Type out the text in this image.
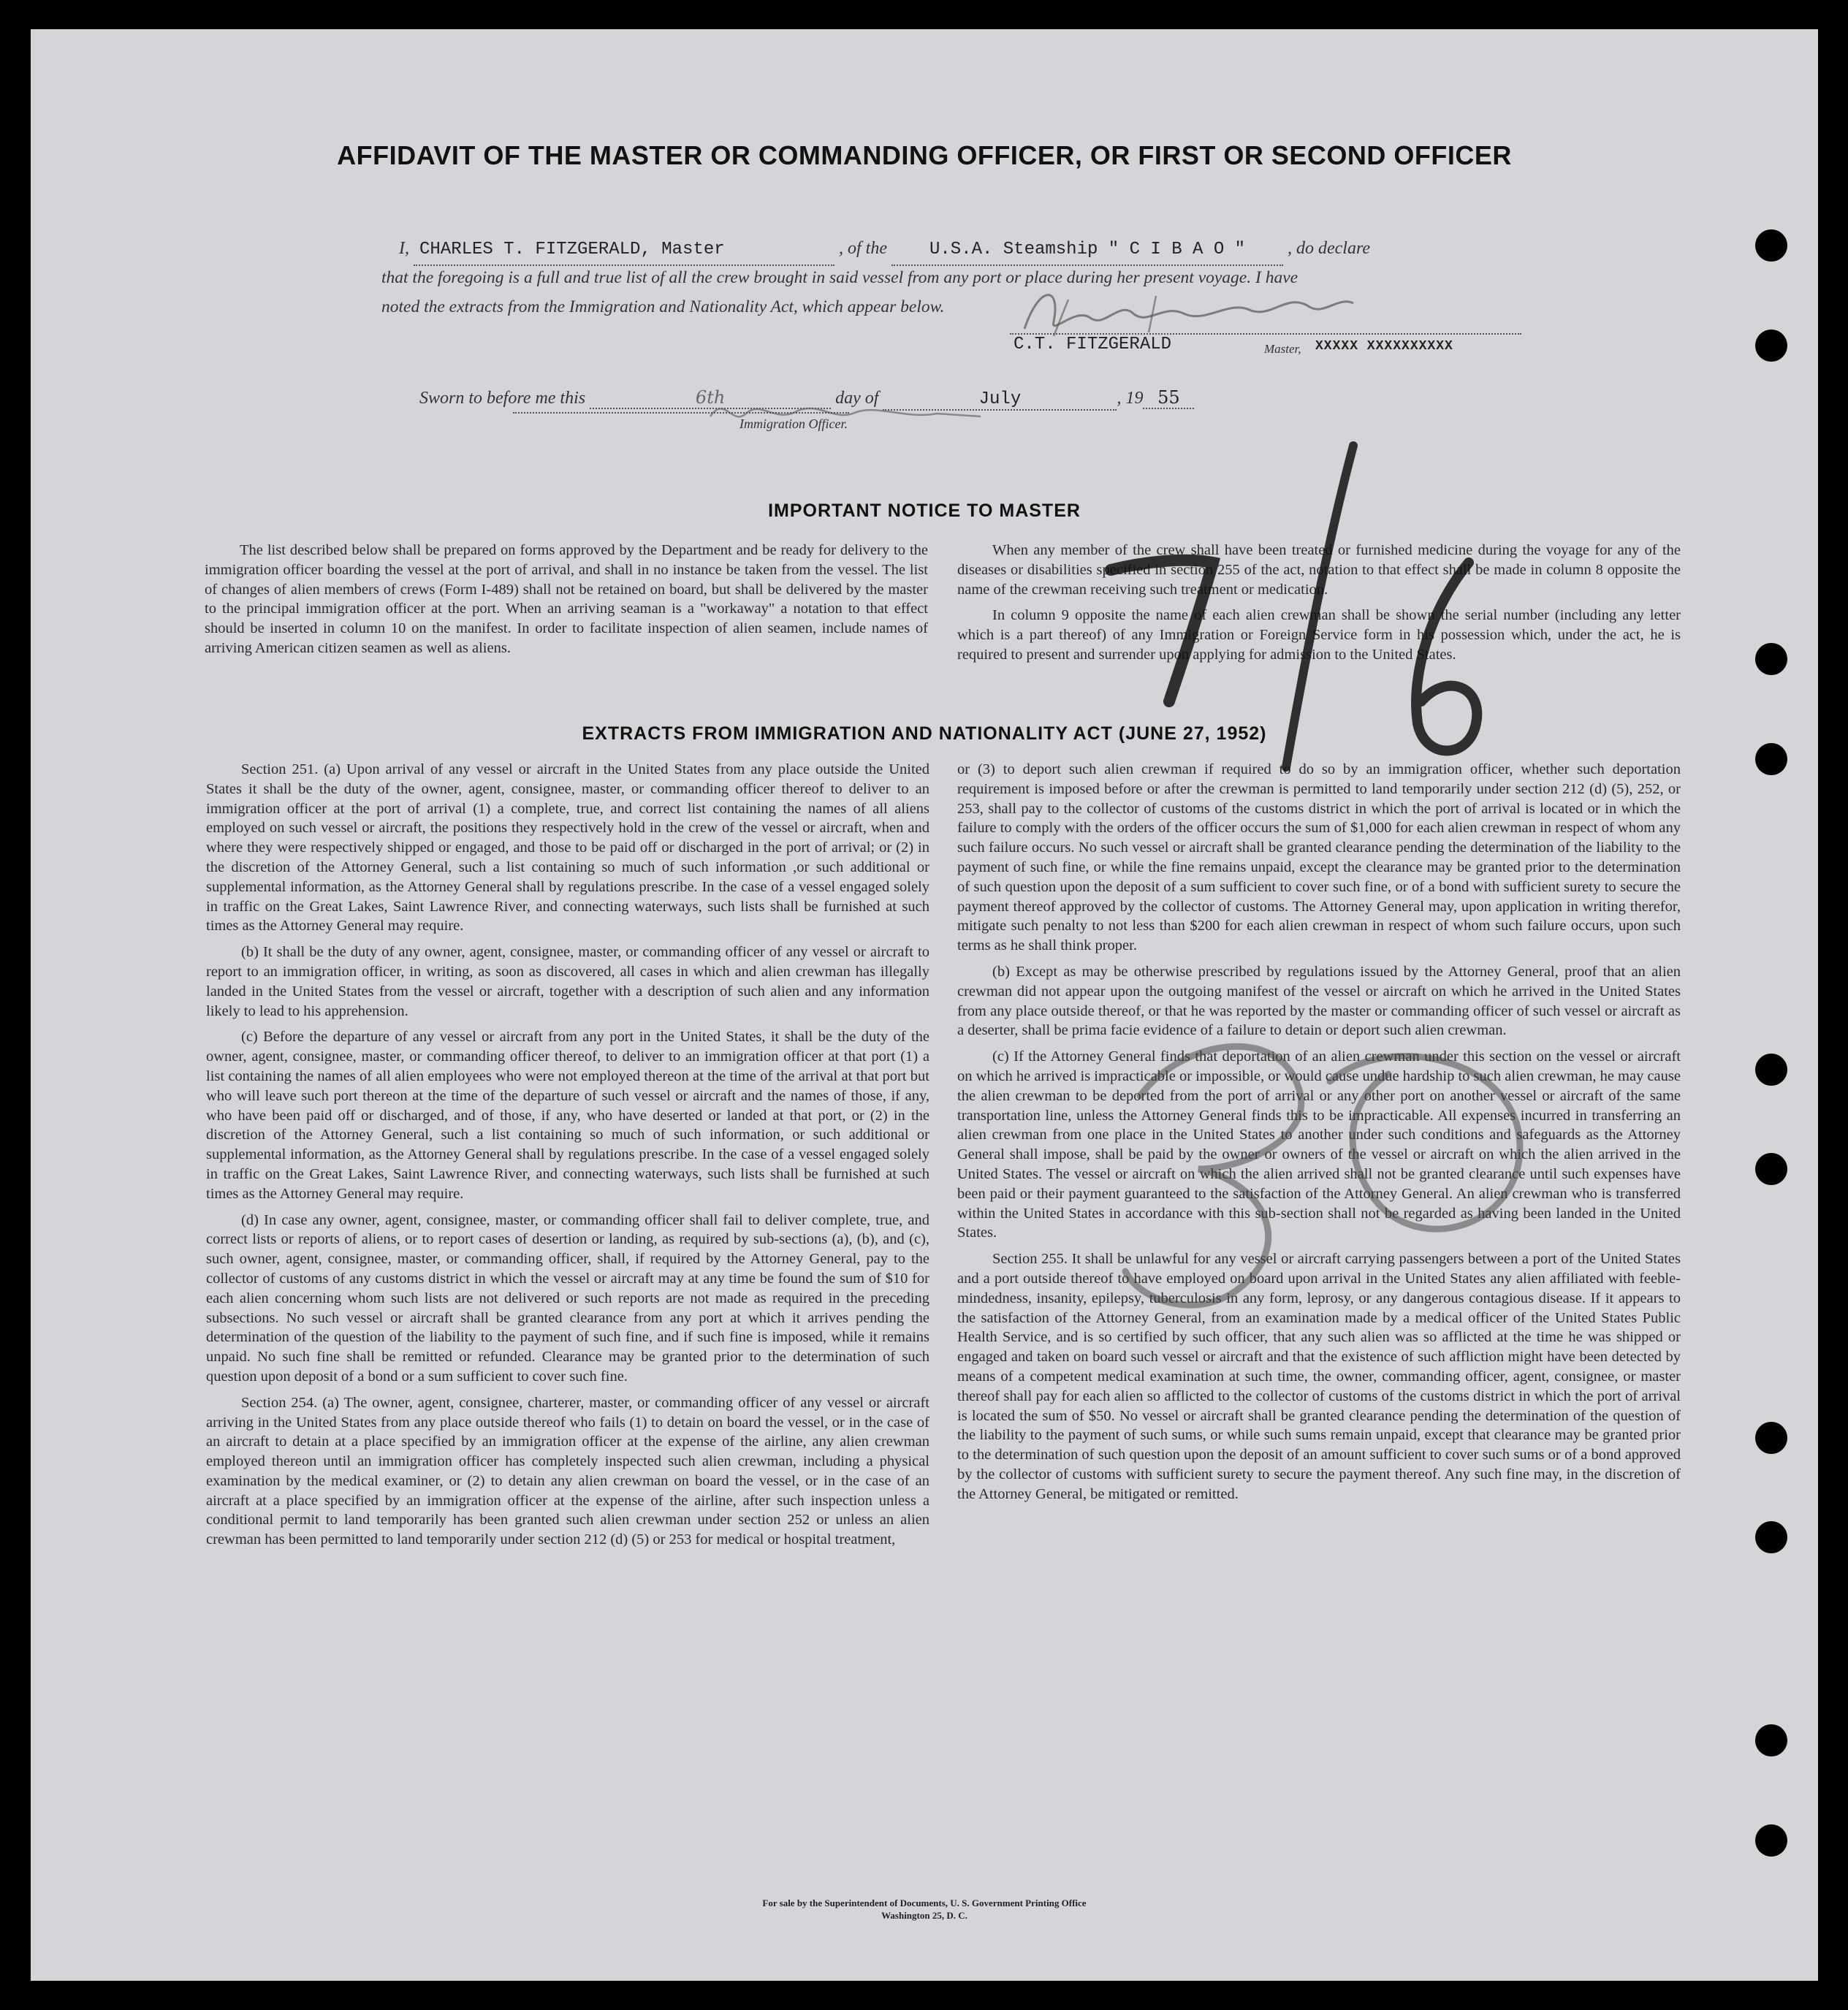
AFFIDAVIT OF THE MASTER OR COMMANDING OFFICER, OR FIRST OR SECOND OFFICER
I, CHARLES T. FITZGERALD, Master	, of the U.S.A. Steamship " C I B A O " , do declare
that the foregoing is a full and true list of all the crew brought in said vessel from any port or place during her present voyage. I have
noted the extracts from the Immigration and Nationality Act, which appear below.
C.T. FITZGERALD	Master, XXXXX XXXXXXXXXX
Sworn to before me this	6th	day of	July	, 19 55
Immigration Officer.
IMPORTANT NOTICE TO MASTER

The list described below shall be prepared on forms approved by the Department and be ready for delivery to the immigration officer boarding the vessel at the port of arrival, and shall in no instance be taken from the vessel. The list of changes of alien members of crews (Form I-489) shall not be retained on board, but shall be delivered by the master to the principal immigration officer at the port. When an arriving seaman is a "workaway" a notation to that effect should be inserted in column 10 on the manifest. In order to facilitate inspection of alien seamen, include names of arriving American citizen seamen as well as aliens.

When any member of the crew shall have been treated or furnished medicine during the voyage for any of the diseases or disabilities specified in section 255 of the act, notation to that effect shall be made in column 8 opposite the name of the crewman receiving such treatment or medication.

In column 9 opposite the name of each alien crewman shall be shown the serial number (including any letter which is a part thereof) of any Immigration or Foreign Service form in his possession which, under the act, he is required to present and surrender upon applying for admission to the United States.

EXTRACTS FROM IMMIGRATION AND NATIONALITY ACT (JUNE 27, 1952)

Section 251. (a) Upon arrival of any vessel or aircraft in the United States from any place outside the United States it shall be the duty of the owner, agent, consignee, master, or commanding officer thereof to deliver to an immigration officer at the port of arrival (1) a complete, true, and correct list containing the names of all aliens employed on such vessel or aircraft, the positions they respectively hold in the crew of the vessel or aircraft, when and where they were respectively shipped or engaged, and those to be paid off or discharged in the port of arrival; or (2) in the discretion of the Attorney General, such a list containing so much of such information ,or such additional or supplemental information, as the Attorney General shall by regulations prescribe. In the case of a vessel engaged solely in traffic on the Great Lakes, Saint Lawrence River, and connecting waterways, such lists shall be furnished at such times as the Attorney General may require.

(b) It shall be the duty of any owner, agent, consignee, master, or commanding officer of any vessel or aircraft to report to an immigration officer, in writing, as soon as discovered, all cases in which and alien crewman has illegally landed in the United States from the vessel or aircraft, together with a description of such alien and any information likely to lead to his apprehension.

(c) Before the departure of any vessel or aircraft from any port in the United States, it shall be the duty of the owner, agent, consignee, master, or commanding officer thereof, to deliver to an immigration officer at that port (1) a list containing the names of all alien employees who were not employed thereon at the time of the arrival at that port but who will leave such port thereon at the time of the departure of such vessel or aircraft and the names of those, if any, who have been paid off or discharged, and of those, if any, who have deserted or landed at that port, or (2) in the discretion of the Attorney General, such a list containing so much of such information, or such additional or supplemental information, as the Attorney General shall by regulations prescribe. In the case of a vessel engaged solely in traffic on the Great Lakes, Saint Lawrence River, and connecting waterways, such lists shall be furnished at such times as the Attorney General may require.

(d) In case any owner, agent, consignee, master, or commanding officer shall fail to deliver complete, true, and correct lists or reports of aliens, or to report cases of desertion or landing, as required by sub-sections (a), (b), and (c), such owner, agent, consignee, master, or commanding officer, shall, if required by the Attorney General, pay to the collector of customs of any customs district in which the vessel or aircraft may at any time be found the sum of $10 for each alien concerning whom such lists are not delivered or such reports are not made as required in the preceding subsections. No such vessel or aircraft shall be granted clearance from any port at which it arrives pending the determination of the question of the liability to the payment of such fine, and if such fine is imposed, while it remains unpaid. No such fine shall be remitted or refunded. Clearance may be granted prior to the determination of such question upon deposit of a bond or a sum sufficient to cover such fine.

Section 254. (a) The owner, agent, consignee, charterer, master, or commanding officer of any vessel or aircraft arriving in the United States from any place outside thereof who fails (1) to detain on board the vessel, or in the case of an aircraft to detain at a place specified by an immigration officer at the expense of the airline, any alien crewman employed thereon until an immigration officer has completely inspected such alien crewman, including a physical examination by the medical examiner, or (2) to detain any alien crewman on board the vessel, or in the case of an aircraft at a place specified by an immigration officer at the expense of the airline, after such inspection unless a conditional permit to land temporarily has been granted such alien crewman under section 252 or unless an alien crewman has been permitted to land temporarily under section 212 (d) (5) or 253 for medical or hospital treatment,

or (3) to deport such alien crewman if required to do so by an immigration officer, whether such deportation requirement is imposed before or after the crewman is permitted to land temporarily under section 212 (d) (5), 252, or 253, shall pay to the collector of customs of the customs district in which the port of arrival is located or in which the failure to comply with the orders of the officer occurs the sum of $1,000 for each alien crewman in respect of whom any such failure occurs. No such vessel or aircraft shall be granted clearance pending the determination of the liability to the payment of such fine, or while the fine remains unpaid, except the clearance may be granted prior to the determination of such question upon the deposit of a sum sufficient to cover such fine, or of a bond with sufficient surety to secure the payment thereof approved by the collector of customs. The Attorney General may, upon application in writing therefor, mitigate such penalty to not less than $200 for each alien crewman in respect of whom such failure occurs, upon such terms as he shall think proper.

(b) Except as may be otherwise prescribed by regulations issued by the Attorney General, proof that an alien crewman did not appear upon the outgoing manifest of the vessel or aircraft on which he arrived in the United States from any place outside thereof, or that he was reported by the master or commanding officer of such vessel or aircraft as a deserter, shall be prima facie evidence of a failure to detain or deport such alien crewman.

(c) If the Attorney General finds that deportation of an alien crewman under this section on the vessel or aircraft on which he arrived is impracticable or impossible, or would cause undue hardship to such alien crewman, he may cause the alien crewman to be deported from the port of arrival or any other port on another vessel or aircraft of the same transportation line, unless the Attorney General finds this to be impracticable. All expenses incurred in transferring an alien crewman from one place in the United States to another under such conditions and safeguards as the Attorney General shall impose, shall be paid by the owner or owners of the vessel or aircraft on which the alien arrived in the United States. The vessel or aircraft on which the alien arrived shall not be granted clearance until such expenses have been paid or their payment guaranteed to the satisfaction of the Attorney General. An alien crewman who is transferred within the United States in accordance with this sub-section shall not be regarded as having been landed in the United States.

Section 255. It shall be unlawful for any vessel or aircraft carrying passengers between a port of the United States and a port outside thereof to have employed on board upon arrival in the United States any alien affiliated with feeble-mindedness, insanity, epilepsy, tuberculosis in any form, leprosy, or any dangerous contagious disease. If it appears to the satisfaction of the Attorney General, from an examination made by a medical officer of the United States Public Health Service, and is so certified by such officer, that any such alien was so afflicted at the time he was shipped or engaged and taken on board such vessel or aircraft and that the existence of such affliction might have been detected by means of a competent medical examination at such time, the owner, commanding officer, agent, consignee, or master thereof shall pay for each alien so afflicted to the collector of customs of the customs district in which the port of arrival is located the sum of $50. No vessel or aircraft shall be granted clearance pending the determination of the question of the liability to the payment of such sums, or while such sums remain unpaid, except that clearance may be granted prior to the determination of such question upon the deposit of an amount sufficient to cover such sums or of a bond approved by the collector of customs with sufficient surety to secure the payment thereof. Any such fine may, in the discretion of the Attorney General, be mitigated or remitted.

For sale by the Superintendent of Documents, U. S. Government Printing Office
Washington 25, D. C.
